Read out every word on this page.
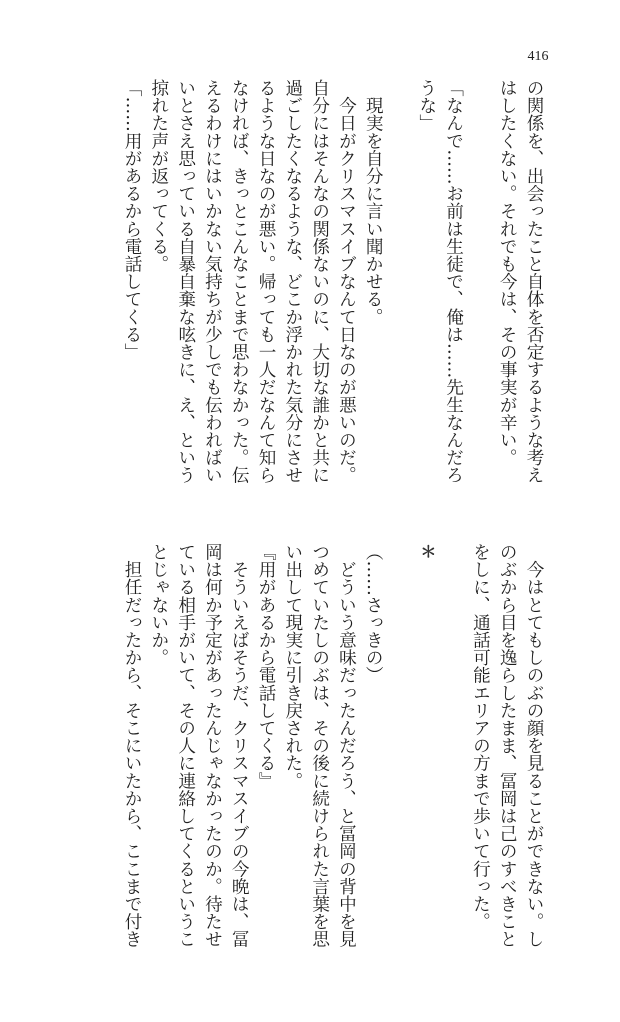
416
の関係を、出会ったこと自体を否定するような考え
はしたくない。それでも今は、その事実が辛い。
「なんで……お前は生徒で、俺は……先生なんだろ
うな」
　現実を自分に言い聞かせる。
　今日がクリスマスイブなんて日なのが悪いのだ。
自分にはそんなの関係ないのに、大切な誰かと共に
過ごしたくなるような、どこか浮かれた気分にさせ
るような日なのが悪い。帰っても一人だなんて知ら
なければ、きっとこんなことまで思わなかった。伝
えるわけにはいかない気持ちが少しでも伝わればい
いとさえ思っている自暴自棄な呟きに、え、という
掠れた声が返ってくる。
「……用があるから電話してくる」
　今はとてもしのぶの顔を見ることができない。し
のぶから目を逸らしたまま、冨岡は己のすべきこと
をしに、通話可能エリアの方まで歩いて行った。
＊
（……さっきの）
　どういう意味だったんだろう、と冨岡の背中を見
つめていたしのぶは、その後に続けられた言葉を思
い出して現実に引き戻された。
『用があるから電話してくる』
　そういえばそうだ、クリスマスイブの今晩は、冨
岡は何か予定があったんじゃなかったのか。待たせ
ている相手がいて、その人に連絡してくるというこ
とじゃないか。
　担任だったから、そこにいたから、ここまで付き
